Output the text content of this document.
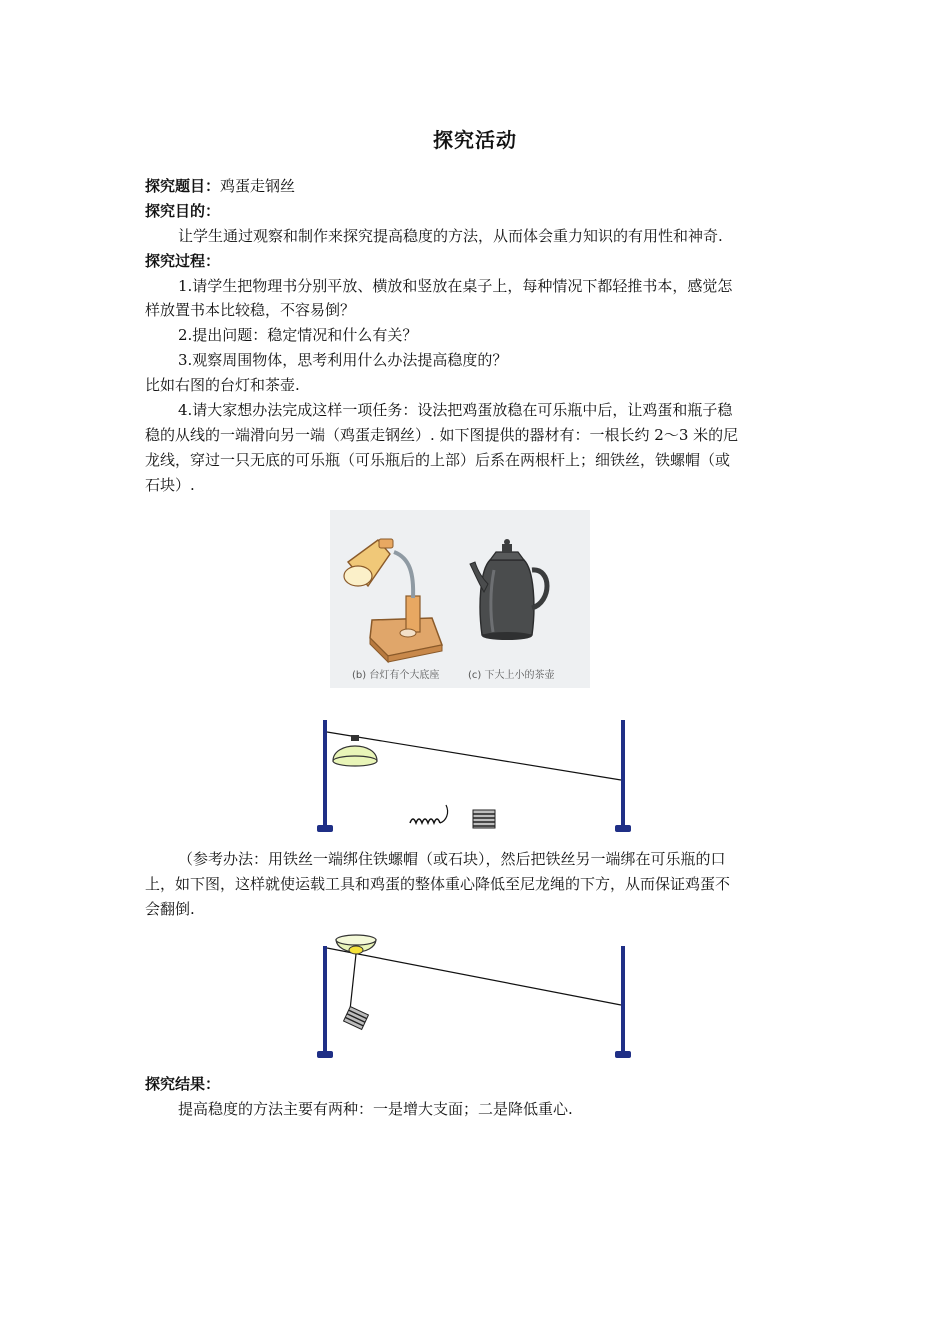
探究活动
探究题目：鸡蛋走钢丝
探究目的：
让学生通过观察和制作来探究提高稳度的方法，从而体会重力知识的有用性和神奇.
探究过程：
1.请学生把物理书分别平放、横放和竖放在桌子上，每种情况下都轻推书本，感觉怎
样放置书本比较稳，不容易倒？
2.提出问题：稳定情况和什么有关？
3.观察周围物体，思考利用什么办法提高稳度的？
比如右图的台灯和茶壶.
4.请大家想办法完成这样一项任务：设法把鸡蛋放稳在可乐瓶中后，让鸡蛋和瓶子稳
稳的从线的一端滑向另一端（鸡蛋走钢丝）. 如下图提供的器材有：一根长约 2～3 米的尼
龙线，穿过一只无底的可乐瓶（可乐瓶后的上部）后系在两根杆上；细铁丝，铁螺帽（或
石块）.
(b) 台灯有个大底座	(c) 下大上小的茶壶
（参考办法：用铁丝一端绑住铁螺帽（或石块），然后把铁丝另一端绑在可乐瓶的口
上，如下图，这样就使运载工具和鸡蛋的整体重心降低至尼龙绳的下方，从而保证鸡蛋不
会翻倒.
探究结果：
提高稳度的方法主要有两种：一是增大支面；二是降低重心.
